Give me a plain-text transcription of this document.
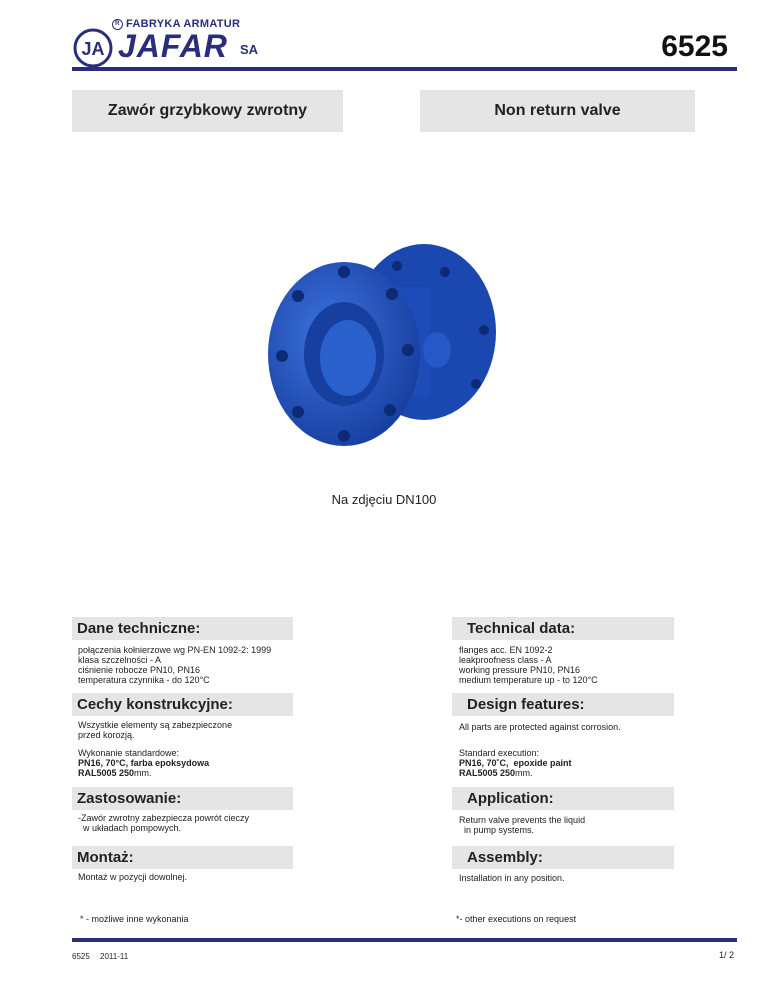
R FABRYKA ARMATUR
JA JAFAR SA	6525
Zawór grzybkowy zwrotny	Non return valve
Na zdjęciu DN100
Dane techniczne:	Technical data:
połączenia kołnierzowe wg PN-EN 1092-2: 1999
klasa szczelności - A
ciśnienie robocze PN10, PN16
temperatura czynnika - do 120°C
flanges acc. EN 1092-2
leakproofness class - A
working pressure PN10, PN16
medium temperature up - to 120°C
Cechy konstrukcyjne:	Design features:
Wszystkie elementy są zabezpieczone
przed korozją.
All parts are protected against corrosion.
Wykonanie standardowe:
PN16, 70°C, farba epoksydowa
RAL5005 250mm.
Standard execution:
PN16, 70˚C,  epoxide paint
RAL5005 250mm.
Zastosowanie:	Application:
-Zawór zwrotny zabezpiecza powrót cieczy
w układach pompowych.
Return valve prevents the liquid
in pump systems.
Montaż:	Assembly:
Montaż w pozycji dowolnej.	Installation in any position.
* - możliwe inne wykonania	*- other executions on request
6525 2011-11	1/ 2
